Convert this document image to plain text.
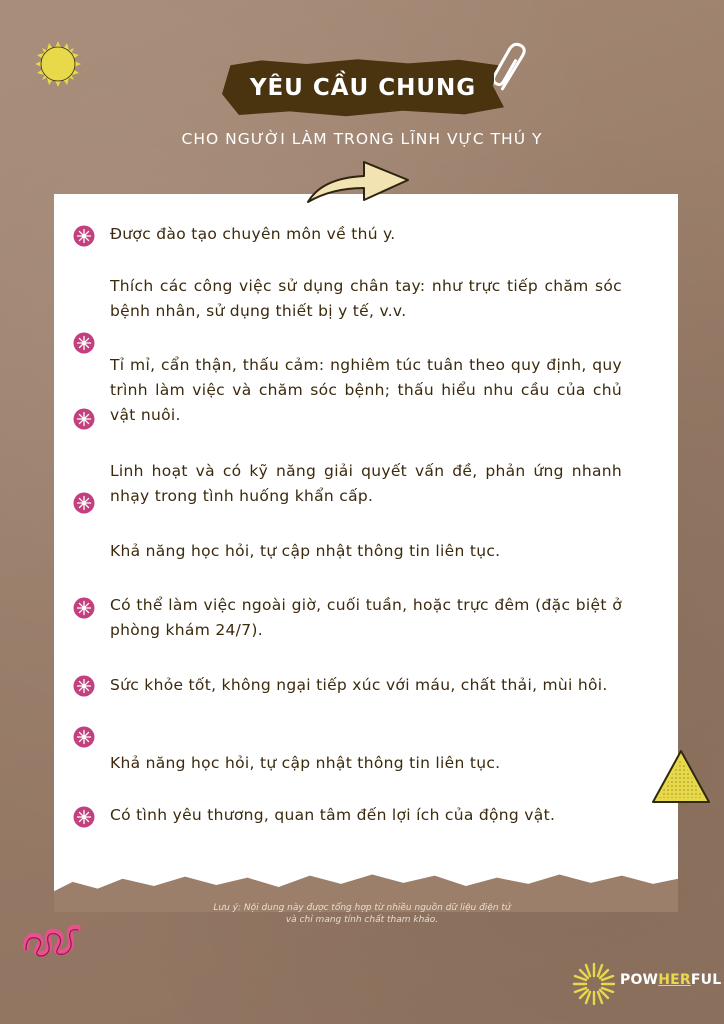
YÊU CẦU CHUNG
CHO NGƯỜI LÀM TRONG LĨNH VỰC THÚ Y
Được đào tạo chuyên môn về thú y.
Thích các công việc sử dụng chân tay: như trực tiếp chăm sóc bệnh nhân, sử dụng thiết bị y tế, v.v.
Tỉ mỉ, cẩn thận, thấu cảm: nghiêm túc tuân theo quy định, quy trình làm việc và chăm sóc bệnh; thấu hiểu nhu cầu của chủ vật nuôi.
Linh hoạt và có kỹ năng giải quyết vấn đề, phản ứng nhanh nhạy trong tình huống khẩn cấp.
Khả năng học hỏi, tự cập nhật thông tin liên tục.
Có thể làm việc ngoài giờ, cuối tuần, hoặc trực đêm (đặc biệt ở phòng khám 24/7).
Sức khỏe tốt, không ngại tiếp xúc với máu, chất thải, mùi hôi.
Khả năng học hỏi, tự cập nhật thông tin liên tục.
Có tình yêu thương, quan tâm đến lợi ích của động vật.
Lưu ý: Nội dung này được tổng hợp từ nhiều nguồn dữ liệu điện tử
và chỉ mang tính chất tham khảo.
POWHERFUL
